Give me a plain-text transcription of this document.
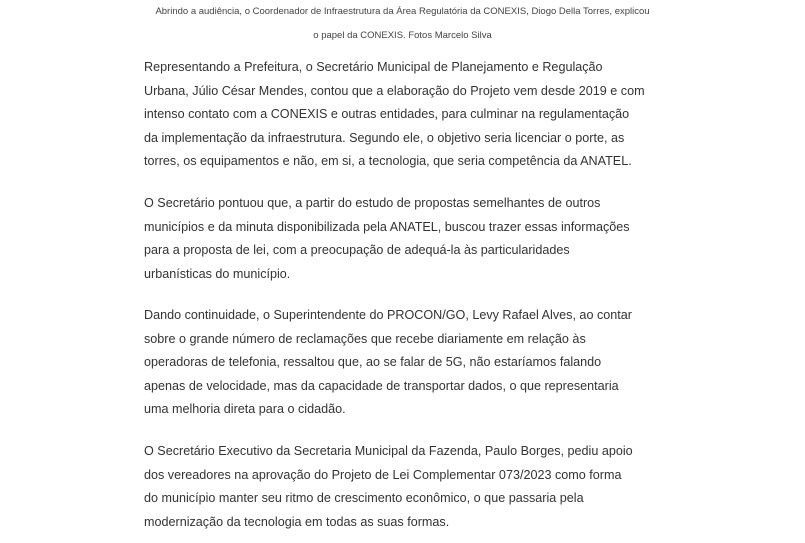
Abrindo a audiência, o Coordenador de Infraestrutura da Área Regulatória da CONEXIS, Diogo Della Torres, explicou
o papel da CONEXIS. Fotos Marcelo Silva

Representando a Prefeitura, o Secretário Municipal de Planejamento e Regulação
Urbana, Júlio César Mendes, contou que a elaboração do Projeto vem desde 2019 e com
intenso contato com a CONEXIS e outras entidades, para culminar na regulamentação
da implementação da infraestrutura. Segundo ele, o objetivo seria licenciar o porte, as
torres, os equipamentos e não, em si, a tecnologia, que seria competência da ANATEL.

O Secretário pontuou que, a partir do estudo de propostas semelhantes de outros
municípios e da minuta disponibilizada pela ANATEL, buscou trazer essas informações
para a proposta de lei, com a preocupação de adequá-la às particularidades
urbanísticas do município.

Dando continuidade, o Superintendente do PROCON/GO, Levy Rafael Alves, ao contar
sobre o grande número de reclamações que recebe diariamente em relação às
operadoras de telefonia, ressaltou que, ao se falar de 5G, não estaríamos falando
apenas de velocidade, mas da capacidade de transportar dados, o que representaria
uma melhoria direta para o cidadão.

O Secretário Executivo da Secretaria Municipal da Fazenda, Paulo Borges, pediu apoio
dos vereadores na aprovação do Projeto de Lei Complementar 073/2023 como forma
do município manter seu ritmo de crescimento econômico, o que passaria pela
modernização da tecnologia em todas as suas formas.
